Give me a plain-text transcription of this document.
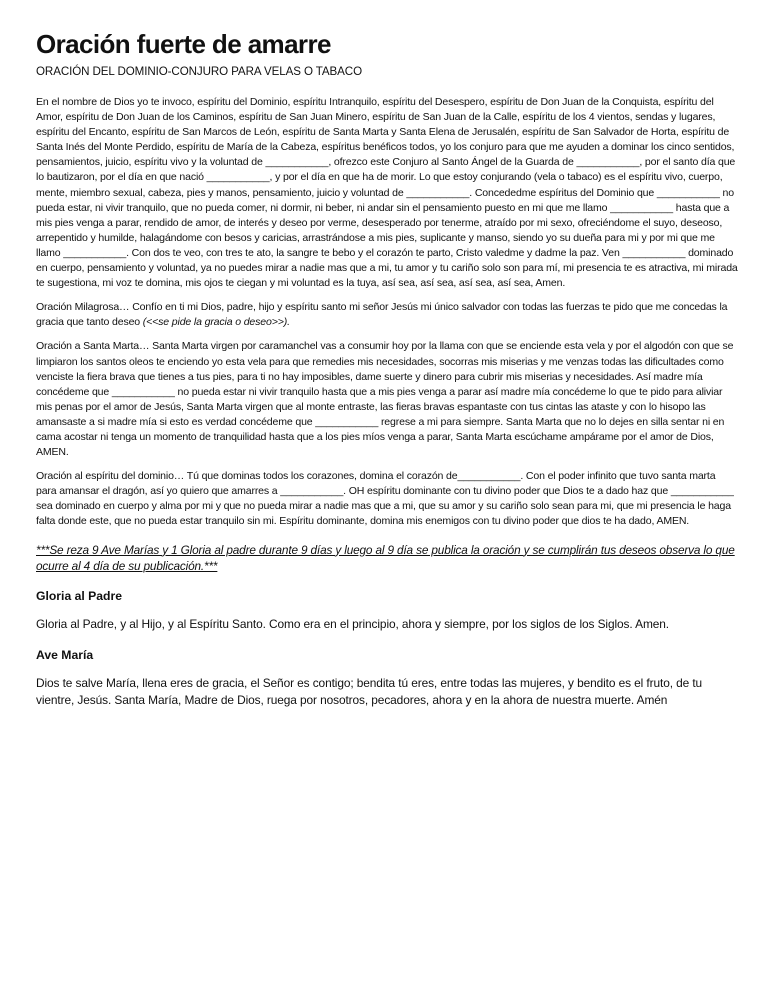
Oración fuerte de amarre
ORACIÓN DEL DOMINIO-CONJURO PARA VELAS O TABACO

En el nombre de Dios yo te invoco, espíritu del Dominio, espíritu Intranquilo, espíritu del Desespero, espíritu de Don Juan de la Conquista, espíritu del Amor, espíritu de Don Juan de los Caminos, espíritu de San Juan Minero, espíritu de San Juan de la Calle, espíritu de los 4 vientos, sendas y lugares, espíritu del Encanto, espíritu de San Marcos de León, espíritu de Santa Marta y Santa Elena de Jerusalén, espíritu de San Salvador de Horta, espíritu de Santa Inés del Monte Perdido, espíritu de María de la Cabeza, espíritus benéficos todos, yo los conjuro para que me ayuden a dominar los cinco sentidos, pensamientos, juicio, espíritu vivo y la voluntad de ___________, ofrezco este Conjuro al Santo Ángel de la Guarda de ___________, por el santo día que lo bautizaron, por el día en que nació ___________, y por el día en que ha de morir. Lo que estoy conjurando (vela o tabaco) es el espíritu vivo, cuerpo, mente, miembro sexual, cabeza, pies y manos, pensamiento, juicio y voluntad de ___________. Concededme espíritus del Dominio que ___________ no pueda estar, ni vivir tranquilo, que no pueda comer, ni dormir, ni beber, ni andar sin el pensamiento puesto en mi que me llamo ___________ hasta que a mis pies venga a parar, rendido de amor, de interés y deseo por verme, desesperado por tenerme, atraído por mi sexo, ofreciéndome el suyo, deseoso, arrepentido y humilde, halagándome con besos y caricias, arrastrándose a mis pies, suplicante y manso, siendo yo su dueña para mi y por mi que me llamo ___________. Con dos te veo, con tres te ato, la sangre te bebo y el corazón te parto, Cristo valedme y dadme la paz. Ven ___________ dominado en cuerpo, pensamiento y voluntad, ya no puedes mirar a nadie mas que a mi, tu amor y tu cariño solo son para mí, mi presencia te es atractiva, mi mirada te sugestiona, mi voz te domina, mis ojos te ciegan y mi voluntad es la tuya, así sea, así sea, así sea, así sea, Amen.

Oración Milagrosa… Confío en ti mi Dios, padre, hijo y espíritu santo mi señor Jesús mi único salvador con todas las fuerzas te pido que me concedas la gracia que tanto deseo (<<se pide la gracia o deseo>>).

Oración a Santa Marta… Santa Marta virgen por caramanchel vas a consumir hoy por la llama con que se enciende esta vela y por el algodón con que se limpiaron los santos oleos te enciendo yo esta vela para que remedies mis necesidades, socorras mis miserias y me venzas todas las dificultades como venciste la fiera brava que tienes a tus pies, para ti no hay imposibles, dame suerte y dinero para cubrir mis miserias y necesidades. Así madre mía concédeme que ___________ no pueda estar ni vivir tranquilo hasta que a mis pies venga a parar así madre mía concédeme lo que te pido para aliviar mis penas por el amor de Jesús, Santa Marta virgen que al monte entraste, las fieras bravas espantaste con tus cintas las ataste y con lo hisopo las amansaste a si madre mía si esto es verdad concédeme que ___________ regrese a mi para siempre. Santa Marta que no lo dejes en silla sentar ni en cama acostar ni tenga un momento de tranquilidad hasta que a los pies míos venga a parar, Santa Marta escúchame ampárame por el amor de Dios, AMEN.

Oración al espíritu del dominio… Tú que dominas todos los corazones, domina el corazón de___________. Con el poder infinito que tuvo santa marta para amansar el dragón, así yo quiero que amarres a ___________. OH espíritu dominante con tu divino poder que Dios te a dado haz que ___________ sea dominado en cuerpo y alma por mi y que no pueda mirar a nadie mas que a mi, que su amor y su cariño solo sean para mi, que mi presencia le haga falta donde este, que no pueda estar tranquilo sin mi. Espíritu dominante, domina mis enemigos con tu divino poder que dios te ha dado, AMEN.

***Se reza 9 Ave Marías y 1 Gloria al padre durante 9 días y luego al 9 día se publica la oración y se cumplirán tus deseos observa lo que ocurre al 4 día de su publicación.***

Gloria al Padre

Gloria al Padre, y al Hijo, y al Espíritu Santo. Como era en el principio, ahora y siempre, por los siglos de los Siglos. Amen.

Ave María

Dios te salve María, llena eres de gracia, el Señor es contigo; bendita tú eres, entre todas las mujeres, y bendito es el fruto, de tu vientre, Jesús. Santa María, Madre de Dios, ruega por nosotros, pecadores, ahora y en la ahora de nuestra muerte. Amén
